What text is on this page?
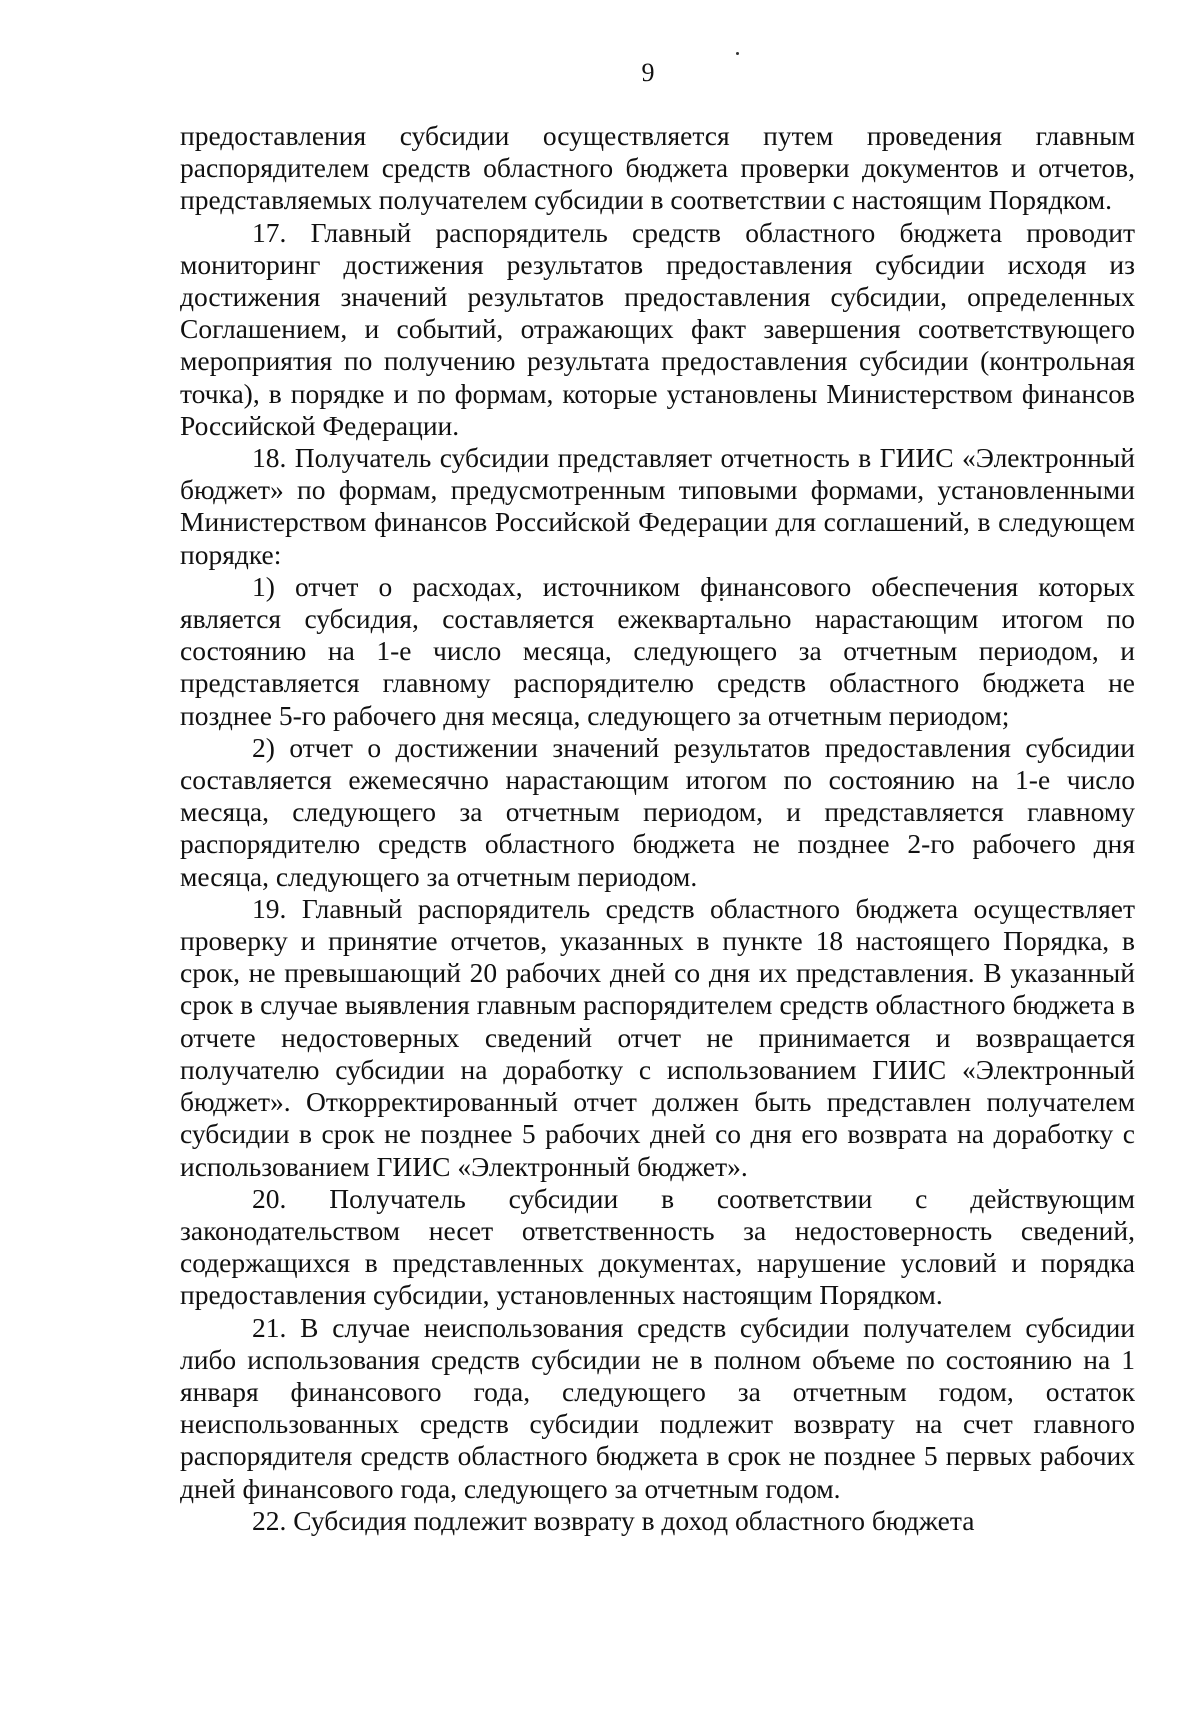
9

предоставления субсидии осуществляется путем проведения главным распорядителем средств областного бюджета проверки документов и отчетов, представляемых получателем субсидии в соответствии с настоящим Порядком.

17. Главный распорядитель средств областного бюджета проводит мониторинг достижения результатов предоставления субсидии исходя из достижения значений результатов предоставления субсидии, определенных Соглашением, и событий, отражающих факт завершения соответствующего мероприятия по получению результата предоставления субсидии (контрольная точка), в порядке и по формам, которые установлены Министерством финансов Российской Федерации.

18. Получатель субсидии представляет отчетность в ГИИС «Электронный бюджет» по формам, предусмотренным типовыми формами, установленными Министерством финансов Российской Федерации для соглашений, в следующем порядке:

1) отчет о расходах, источником финансового обеспечения которых является субсидия, составляется ежеквартально нарастающим итогом по состоянию на 1-е число месяца, следующего за отчетным периодом, и представляется главному распорядителю средств областного бюджета не позднее 5-го рабочего дня месяца, следующего за отчетным периодом;

2) отчет о достижении значений результатов предоставления субсидии составляется ежемесячно нарастающим итогом по состоянию на 1-е число месяца, следующего за отчетным периодом, и представляется главному распорядителю средств областного бюджета не позднее 2-го рабочего дня месяца, следующего за отчетным периодом.

19. Главный распорядитель средств областного бюджета осуществляет проверку и принятие отчетов, указанных в пункте 18 настоящего Порядка, в срок, не превышающий 20 рабочих дней со дня их представления. В указанный срок в случае выявления главным распорядителем средств областного бюджета в отчете недостоверных сведений отчет не принимается и возвращается получателю субсидии на доработку с использованием ГИИС «Электронный бюджет». Откорректированный отчет должен быть представлен получателем субсидии в срок не позднее 5 рабочих дней со дня его возврата на доработку с использованием ГИИС «Электронный бюджет».

20. Получатель субсидии в соответствии с действующим законодательством несет ответственность за недостоверность сведений, содержащихся в представленных документах, нарушение условий и порядка предоставления субсидии, установленных настоящим Порядком.

21. В случае неиспользования средств субсидии получателем субсидии либо использования средств субсидии не в полном объеме по состоянию на 1 января финансового года, следующего за отчетным годом, остаток неиспользованных средств субсидии подлежит возврату на счет главного распорядителя средств областного бюджета в срок не позднее 5 первых рабочих дней финансового года, следующего за отчетным годом.

22. Субсидия подлежит возврату в доход областного бюджета
